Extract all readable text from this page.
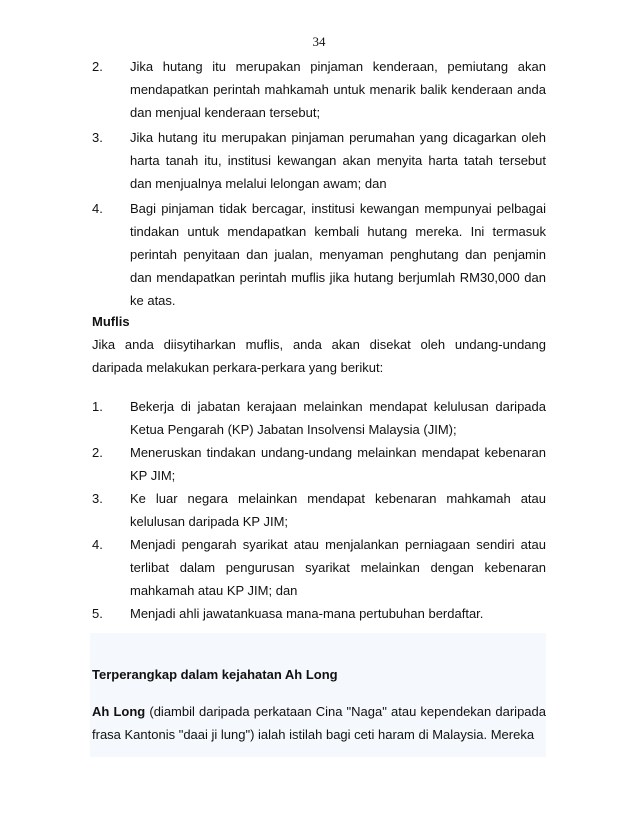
34
2. Jika hutang itu merupakan pinjaman kenderaan, pemiutang akan mendapatkan perintah mahkamah untuk menarik balik kenderaan anda dan menjual kenderaan tersebut;
3. Jika hutang itu merupakan pinjaman perumahan yang dicagarkan oleh harta tanah itu, institusi kewangan akan menyita harta tatah tersebut dan menjualnya melalui lelongan awam; dan
4. Bagi pinjaman tidak bercagar, institusi kewangan mempunyai pelbagai tindakan untuk mendapatkan kembali hutang mereka. Ini termasuk perintah penyitaan dan jualan, menyaman penghutang dan penjamin dan mendapatkan perintah muflis jika hutang berjumlah RM30,000 dan ke atas.

Muflis

Jika anda diisytiharkan muflis, anda akan disekat oleh undang-undang daripada melakukan perkara-perkara yang berikut:

1. Bekerja di jabatan kerajaan melainkan mendapat kelulusan daripada Ketua Pengarah (KP) Jabatan Insolvensi Malaysia (JIM);
2. Meneruskan tindakan undang-undang melainkan mendapat kebenaran KP JIM;
3. Ke luar negara melainkan mendapat kebenaran mahkamah atau kelulusan daripada KP JIM;
4. Menjadi pengarah syarikat atau menjalankan perniagaan sendiri atau terlibat dalam pengurusan syarikat melainkan dengan kebenaran mahkamah atau KP JIM; dan
5. Menjadi ahli jawatankuasa mana-mana pertubuhan berdaftar.

Terperangkap dalam kejahatan Ah Long

Ah Long (diambil daripada perkataan Cina "Naga" atau kependekan daripada frasa Kantonis "daai ji lung") ialah istilah bagi ceti haram di Malaysia. Mereka
